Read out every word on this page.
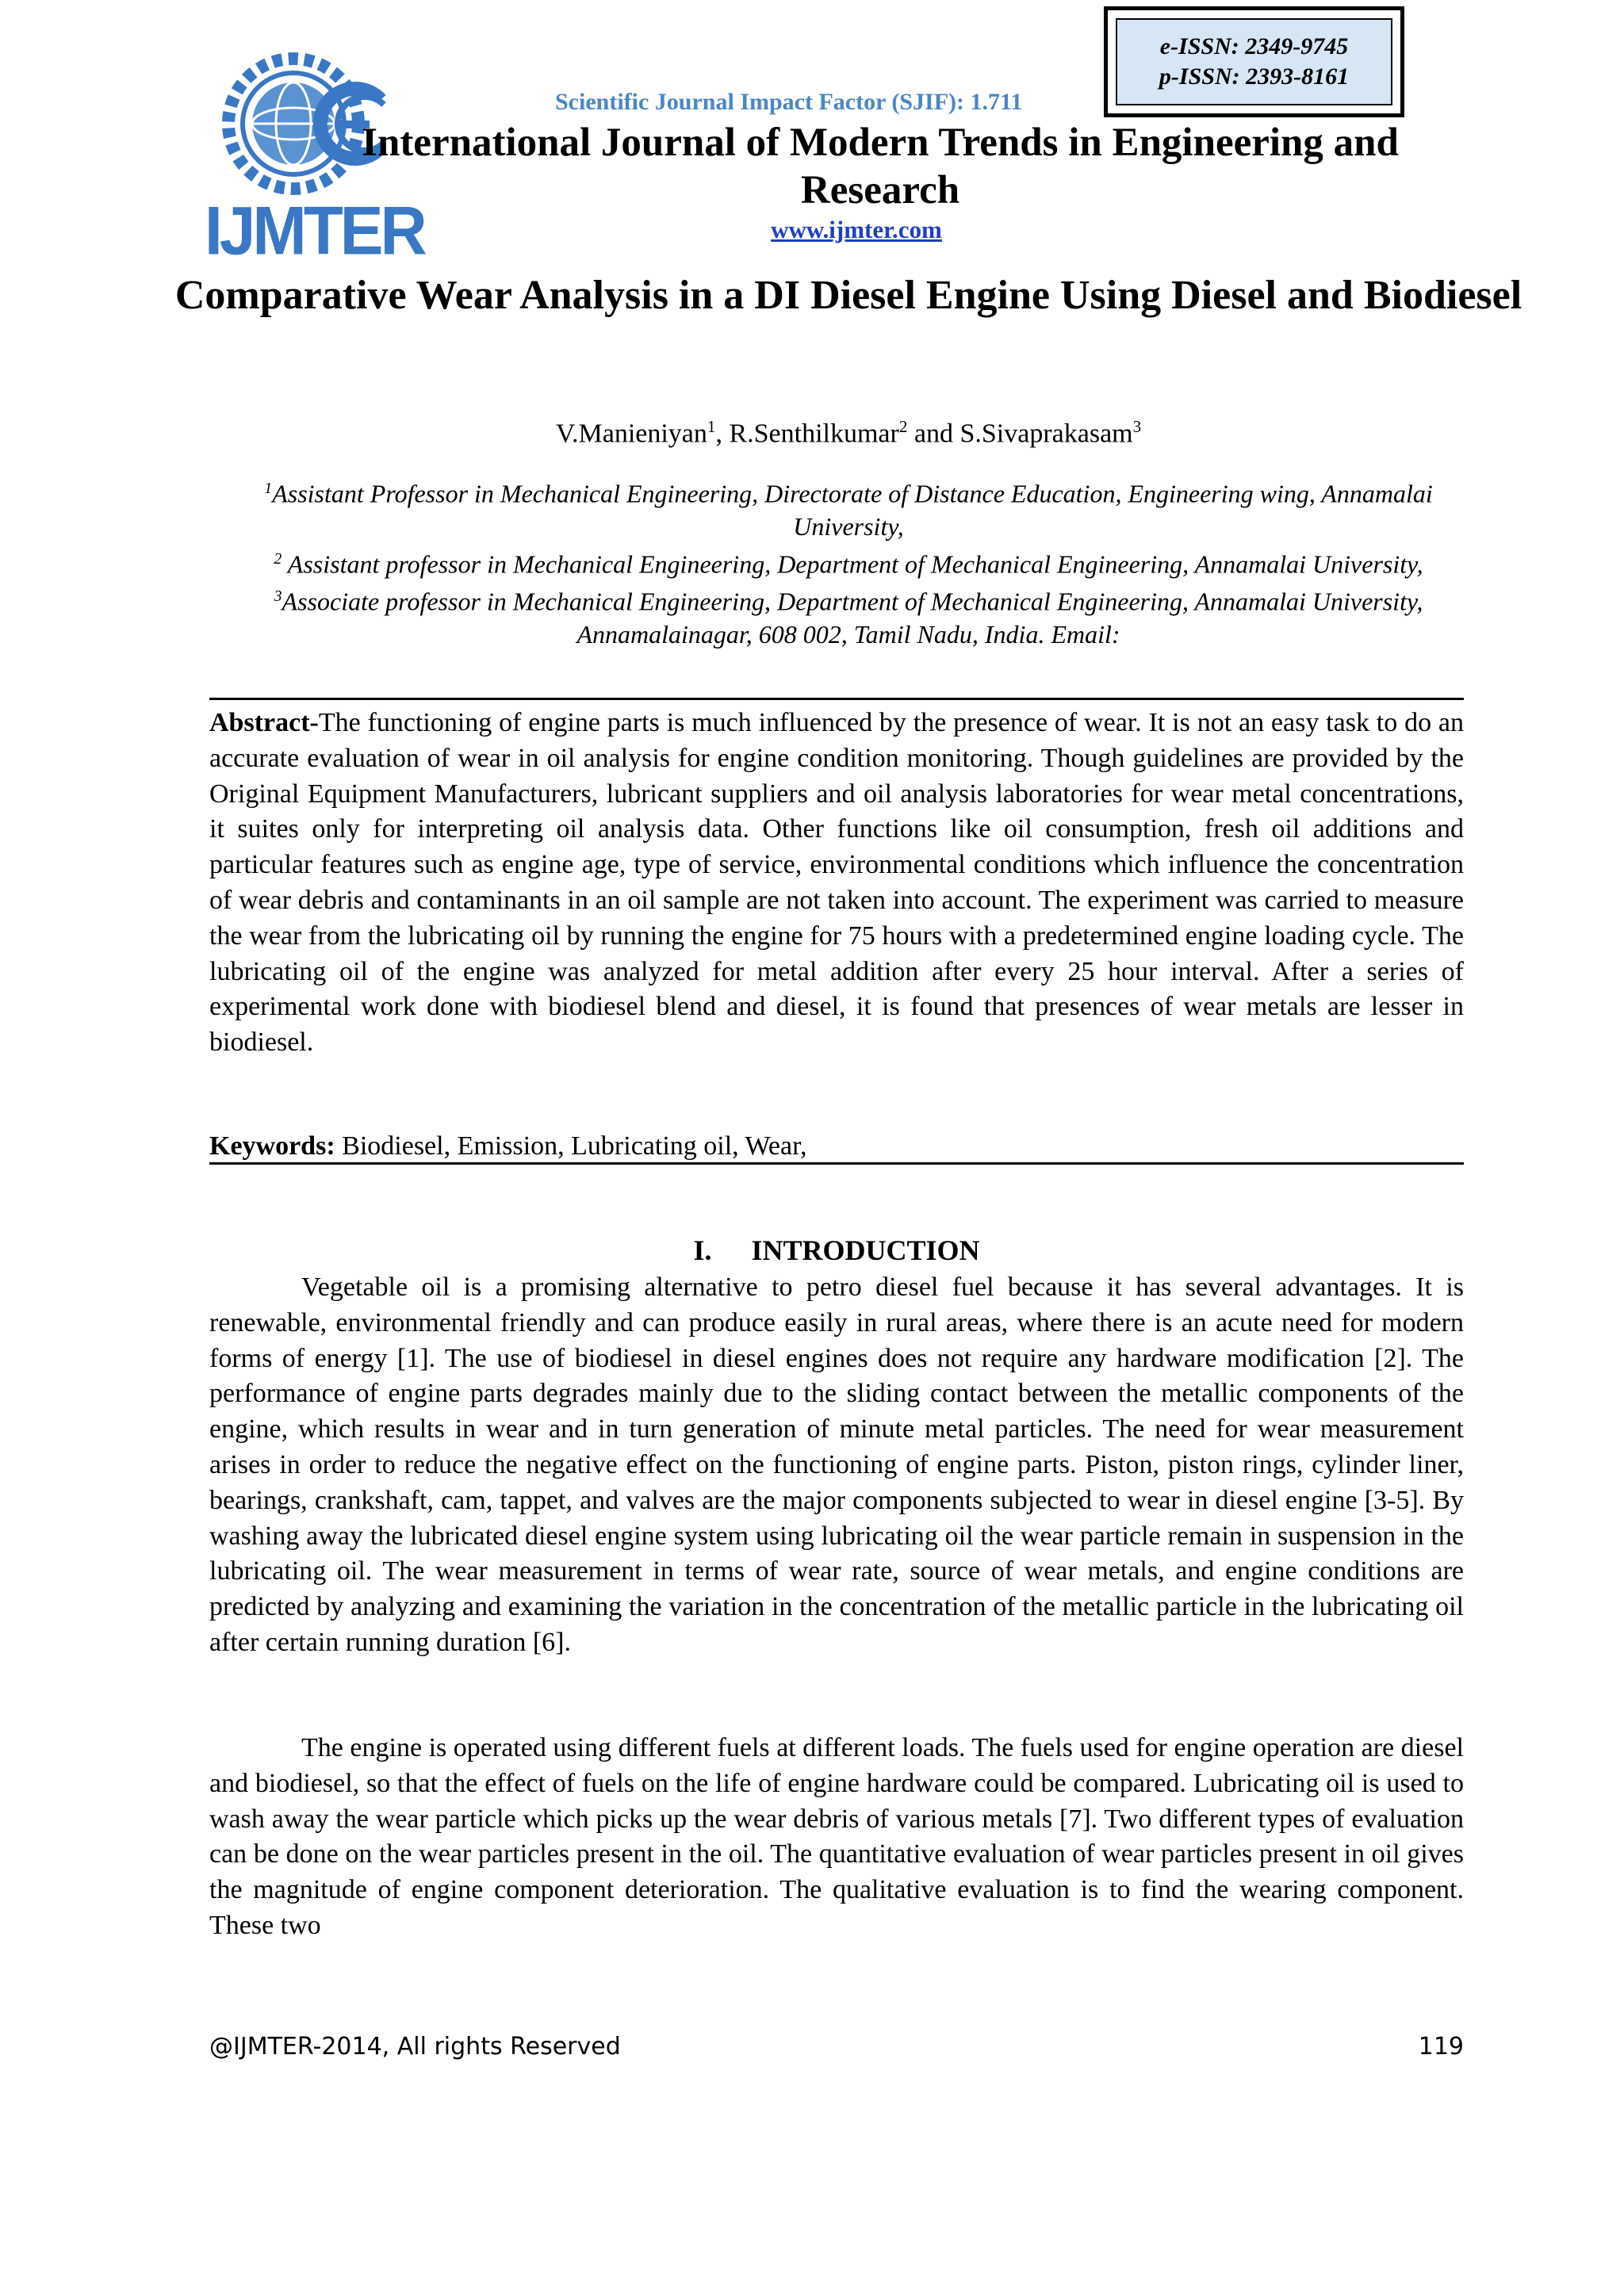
e-ISSN: 2349-9745
p-ISSN: 2393-8161
IJMTER
Scientific Journal Impact Factor (SJIF): 1.711
International Journal of Modern Trends in Engineering and Research
www.ijmter.com
Comparative Wear Analysis in a DI Diesel Engine Using Diesel and Biodiesel
V.Manieniyan$^1$, R.Senthilkumar$^2$ and S.Sivaprakasam$^3$
$^1$Assistant Professor in Mechanical Engineering, Directorate of Distance Education, Engineering wing, Annamalai University,
$^2$ Assistant professor in Mechanical Engineering, Department of Mechanical Engineering, Annamalai University,
$^3$Associate professor in Mechanical Engineering, Department of Mechanical Engineering, Annamalai University, Annamalainagar, 608 002, Tamil Nadu, India. Email:
Abstract-The functioning of engine parts is much influenced by the presence of wear. It is not an easy task to do an accurate evaluation of wear in oil analysis for engine condition monitoring. Though guidelines are provided by the Original Equipment Manufacturers, lubricant suppliers and oil analysis laboratories for wear metal concentrations, it suites only for interpreting oil analysis data. Other functions like oil consumption, fresh oil additions and particular features such as engine age, type of service, environmental conditions which influence the concentration of wear debris and contaminants in an oil sample are not taken into account. The experiment was carried to measure the wear from the lubricating oil by running the engine for 75 hours with a predetermined engine loading cycle. The lubricating oil of the engine was analyzed for metal addition after every 25 hour interval. After a series of experimental work done with biodiesel blend and diesel, it is found that presences of wear metals are lesser in biodiesel.
Keywords: Biodiesel, Emission, Lubricating oil, Wear,
I. INTRODUCTION
Vegetable oil is a promising alternative to petro diesel fuel because it has several advantages. It is renewable, environmental friendly and can produce easily in rural areas, where there is an acute need for modern forms of energy [1]. The use of biodiesel in diesel engines does not require any hardware modification [2]. The performance of engine parts degrades mainly due to the sliding contact between the metallic components of the engine, which results in wear and in turn generation of minute metal particles. The need for wear measurement arises in order to reduce the negative effect on the functioning of engine parts. Piston, piston rings, cylinder liner, bearings, crankshaft, cam, tappet, and valves are the major components subjected to wear in diesel engine [3-5]. By washing away the lubricated diesel engine system using lubricating oil the wear particle remain in suspension in the lubricating oil. The wear measurement in terms of wear rate, source of wear metals, and engine conditions are predicted by analyzing and examining the variation in the concentration of the metallic particle in the lubricating oil after certain running duration [6].
The engine is operated using different fuels at different loads. The fuels used for engine operation are diesel and biodiesel, so that the effect of fuels on the life of engine hardware could be compared. Lubricating oil is used to wash away the wear particle which picks up the wear debris of various metals [7]. Two different types of evaluation can be done on the wear particles present in the oil. The quantitative evaluation of wear particles present in oil gives the magnitude of engine component deterioration. The qualitative evaluation is to find the wearing component. These two
@IJMTER-2014, All rights Reserved	119
